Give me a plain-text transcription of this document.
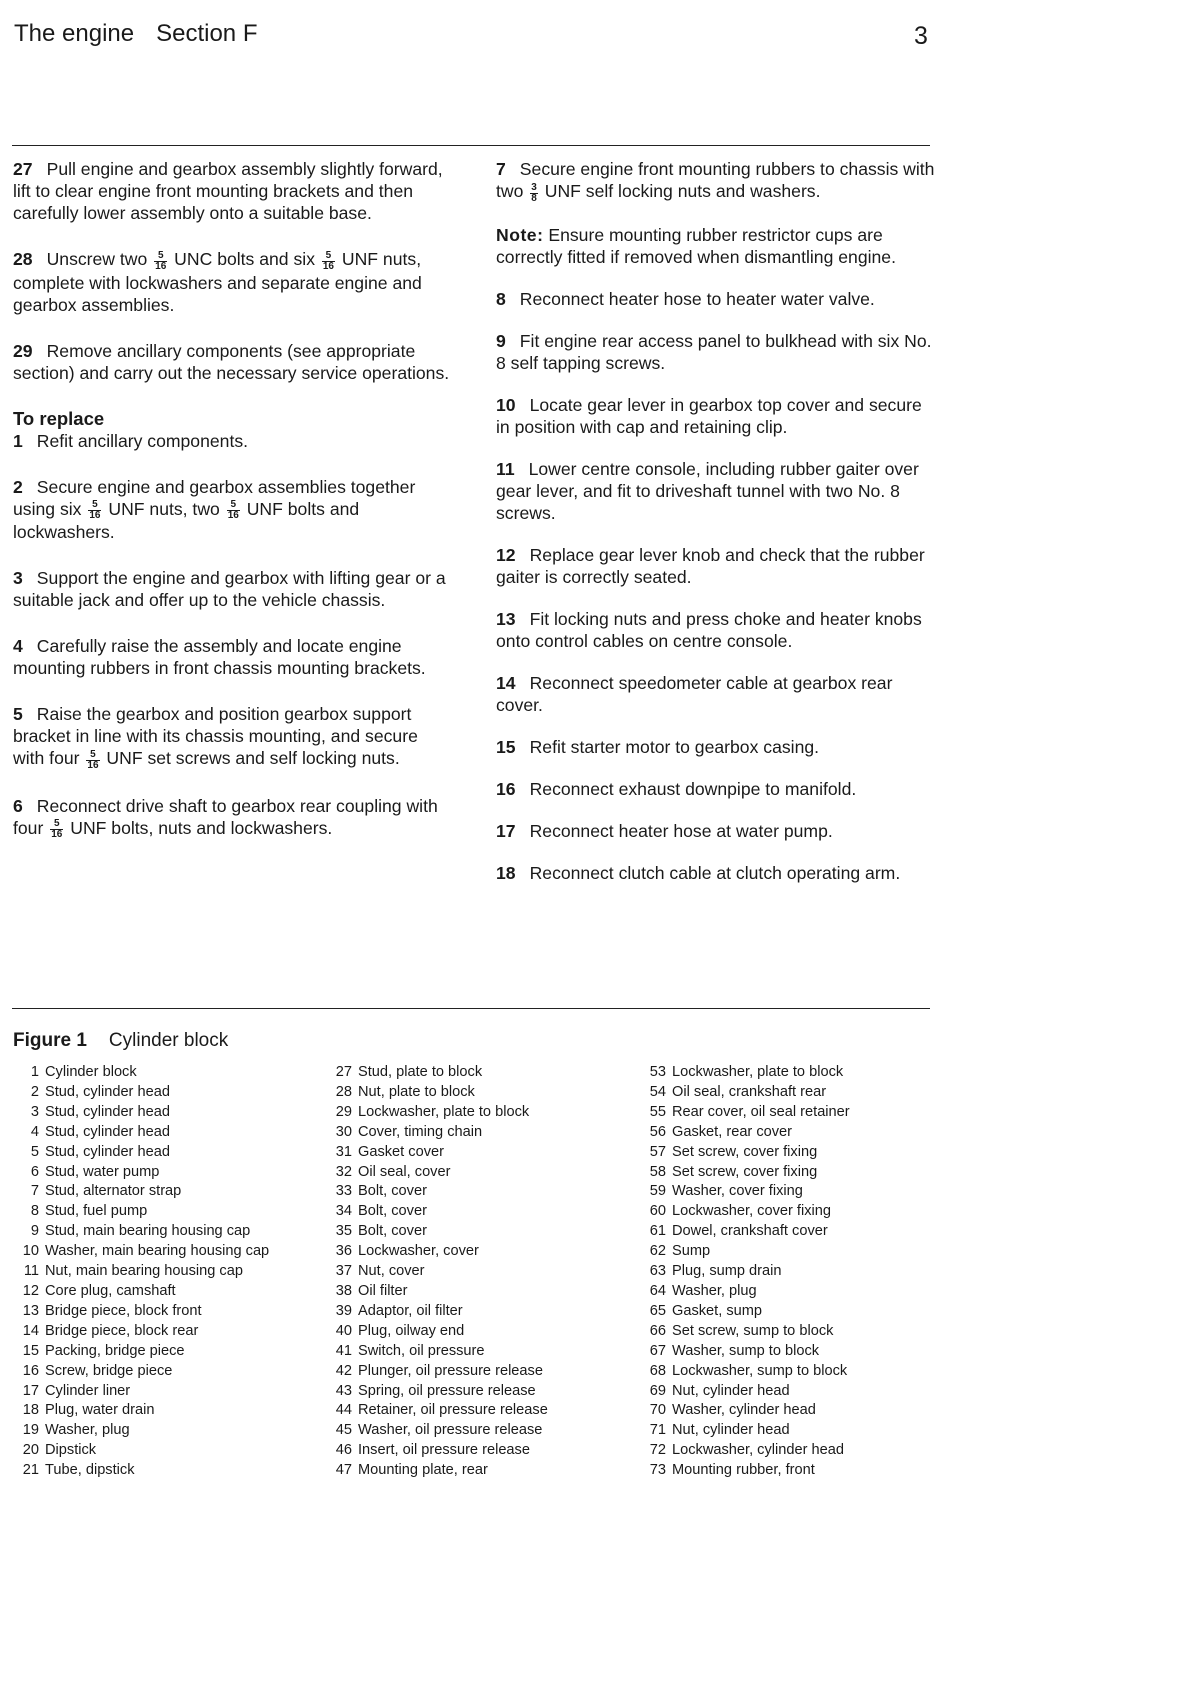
The engine Section F	3

27 Pull engine and gearbox assembly slightly forward, lift to clear engine front mounting brackets and then carefully lower assembly onto a suitable base.

28 Unscrew two $\frac{5}{16}$ UNC bolts and six $\frac{5}{16}$ UNF nuts, complete with lockwashers and separate engine and gearbox assemblies.

29 Remove ancillary components (see appropriate section) and carry out the necessary service operations.

To replace

1 Refit ancillary components.

2 Secure engine and gearbox assemblies together using six $\frac{5}{16}$ UNF nuts, two $\frac{5}{16}$ UNF bolts and lockwashers.

3 Support the engine and gearbox with lifting gear or a suitable jack and offer up to the vehicle chassis.

4 Carefully raise the assembly and locate engine mounting rubbers in front chassis mounting brackets.

5 Raise the gearbox and position gearbox support bracket in line with its chassis mounting, and secure with four $\frac{5}{16}$ UNF set screws and self locking nuts.

6 Reconnect drive shaft to gearbox rear coupling with four $\frac{5}{16}$ UNF bolts, nuts and lockwashers.

7 Secure engine front mounting rubbers to chassis with two $\frac{3}{8}$ UNF self locking nuts and washers.

Note: Ensure mounting rubber restrictor cups are correctly fitted if removed when dismantling engine.

8 Reconnect heater hose to heater water valve.

9 Fit engine rear access panel to bulkhead with six No. 8 self tapping screws.

10 Locate gear lever in gearbox top cover and secure in position with cap and retaining clip.

11 Lower centre console, including rubber gaiter over gear lever, and fit to driveshaft tunnel with two No. 8 screws.

12 Replace gear lever knob and check that the rubber gaiter is correctly seated.

13 Fit locking nuts and press choke and heater knobs onto control cables on centre console.

14 Reconnect speedometer cable at gearbox rear cover.

15 Refit starter motor to gearbox casing.

16 Reconnect exhaust downpipe to manifold.

17 Reconnect heater hose at water pump.

18 Reconnect clutch cable at clutch operating arm.

Figure 1 Cylinder block
1 Cylinder block
2 Stud, cylinder head
3 Stud, cylinder head
4 Stud, cylinder head
5 Stud, cylinder head
6 Stud, water pump
7 Stud, alternator strap
8 Stud, fuel pump
9 Stud, main bearing housing cap
10 Washer, main bearing housing cap
11 Nut, main bearing housing cap
12 Core plug, camshaft
13 Bridge piece, block front
14 Bridge piece, block rear
15 Packing, bridge piece
16 Screw, bridge piece
17 Cylinder liner
18 Plug, water drain
19 Washer, plug
20 Dipstick
21 Tube, dipstick
27 Stud, plate to block
28 Nut, plate to block
29 Lockwasher, plate to block
30 Cover, timing chain
31 Gasket cover
32 Oil seal, cover
33 Bolt, cover
34 Bolt, cover
35 Bolt, cover
36 Lockwasher, cover
37 Nut, cover
38 Oil filter
39 Adaptor, oil filter
40 Plug, oilway end
41 Switch, oil pressure
42 Plunger, oil pressure release
43 Spring, oil pressure release
44 Retainer, oil pressure release
45 Washer, oil pressure release
46 Insert, oil pressure release
47 Mounting plate, rear
53 Lockwasher, plate to block
54 Oil seal, crankshaft rear
55 Rear cover, oil seal retainer
56 Gasket, rear cover
57 Set screw, cover fixing
58 Set screw, cover fixing
59 Washer, cover fixing
60 Lockwasher, cover fixing
61 Dowel, crankshaft cover
62 Sump
63 Plug, sump drain
64 Washer, plug
65 Gasket, sump
66 Set screw, sump to block
67 Washer, sump to block
68 Lockwasher, sump to block
69 Nut, cylinder head
70 Washer, cylinder head
71 Nut, cylinder head
72 Lockwasher, cylinder head
73 Mounting rubber, front
